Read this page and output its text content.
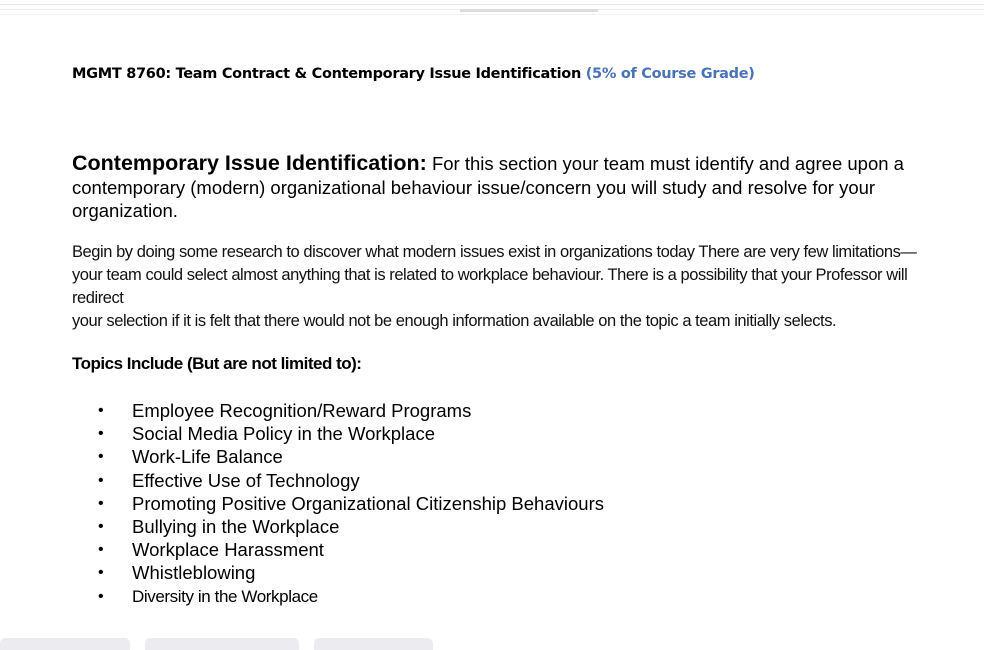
MGMT 8760: Team Contract & Contemporary Issue Identification (5% of Course Grade)
Contemporary Issue Identification: For this section your team must identify and agree upon a contemporary (modern) organizational behaviour issue/concern you will study and resolve for your organization.

Begin by doing some research to discover what modern issues exist in organizations today There are very few limitations—your team could select almost anything that is related to workplace behaviour. There is a possibility that your Professor will redirect

your selection if it is felt that there would not be enough information available on the topic a team initially selects.

Topics Include (But are not limited to):
• Employee Recognition/Reward Programs
• Social Media Policy in the Workplace
• Work-Life Balance
• Effective Use of Technology
• Promoting Positive Organizational Citizenship Behaviours
• Bullying in the Workplace
• Workplace Harassment
• Whistleblowing
• Diversity in the Workplace
